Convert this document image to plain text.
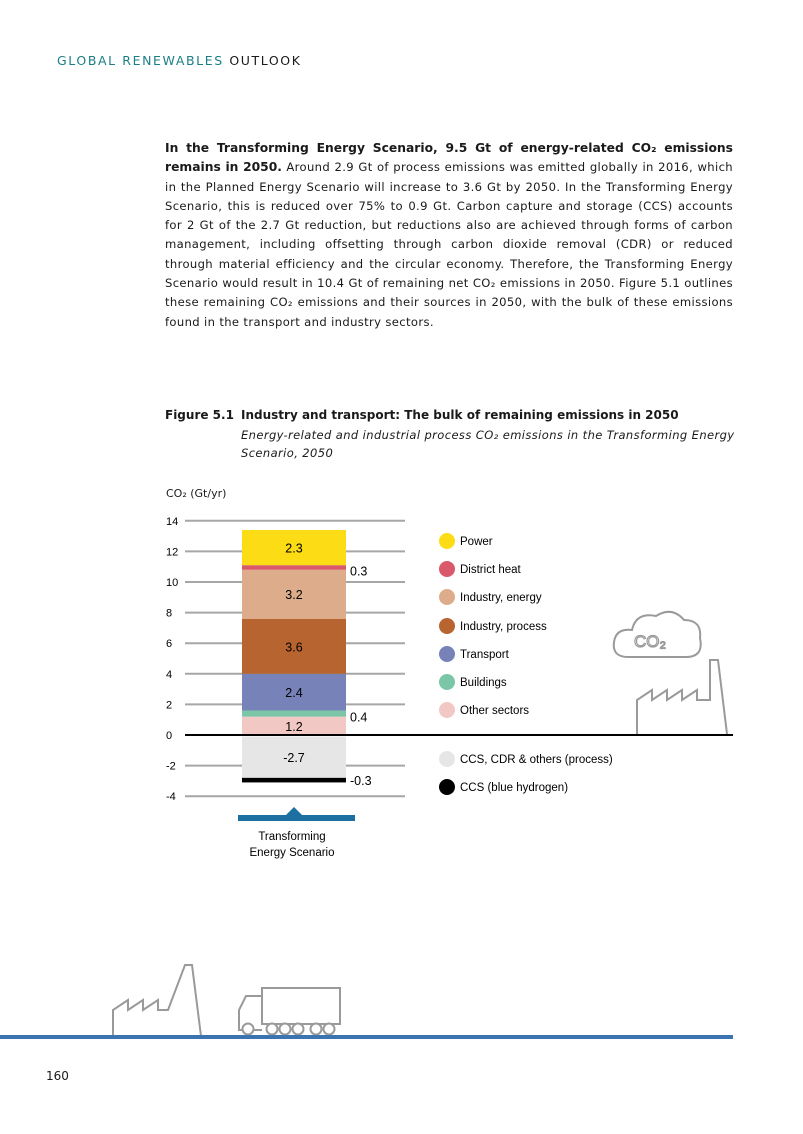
GLOBAL RENEWABLES OUTLOOK
In the Transforming Energy Scenario, 9.5 Gt of energy-related CO₂ emissions remains in 2050. Around 2.9 Gt of process emissions was emitted globally in 2016, which in the Planned Energy Scenario will increase to 3.6 Gt by 2050. In the Transforming Energy Scenario, this is reduced over 75% to 0.9 Gt. Carbon capture and storage (CCS) accounts for 2 Gt of the 2.7 Gt reduction, but reductions also are achieved through forms of carbon management, including offsetting through carbon dioxide removal (CDR) or reduced through material efficiency and the circular economy. Therefore, the Transforming Energy Scenario would result in 10.4 Gt of remaining net CO₂ emissions in 2050. Figure 5.1 outlines these remaining CO₂ emissions and their sources in 2050, with the bulk of these emissions found in the transport and industry sectors.
Figure 5.1 Industry and transport: The bulk of remaining emissions in 2050
Energy-related and industrial process CO₂ emissions in the Transforming Energy Scenario, 2050
CO₂ (Gt/yr)
14
12
10
8
6
4
2
0
-2
-4
1.2
0.4
2.4
3.6
3.2
0.3
2.3
-2.7
-0.3
Transforming
Energy Scenario
Power
District heat
Industry, energy
Industry, process
Transport
Buildings
Other sectors
CCS, CDR & others (process)
CCS (blue hydrogen)
CO₂
160
